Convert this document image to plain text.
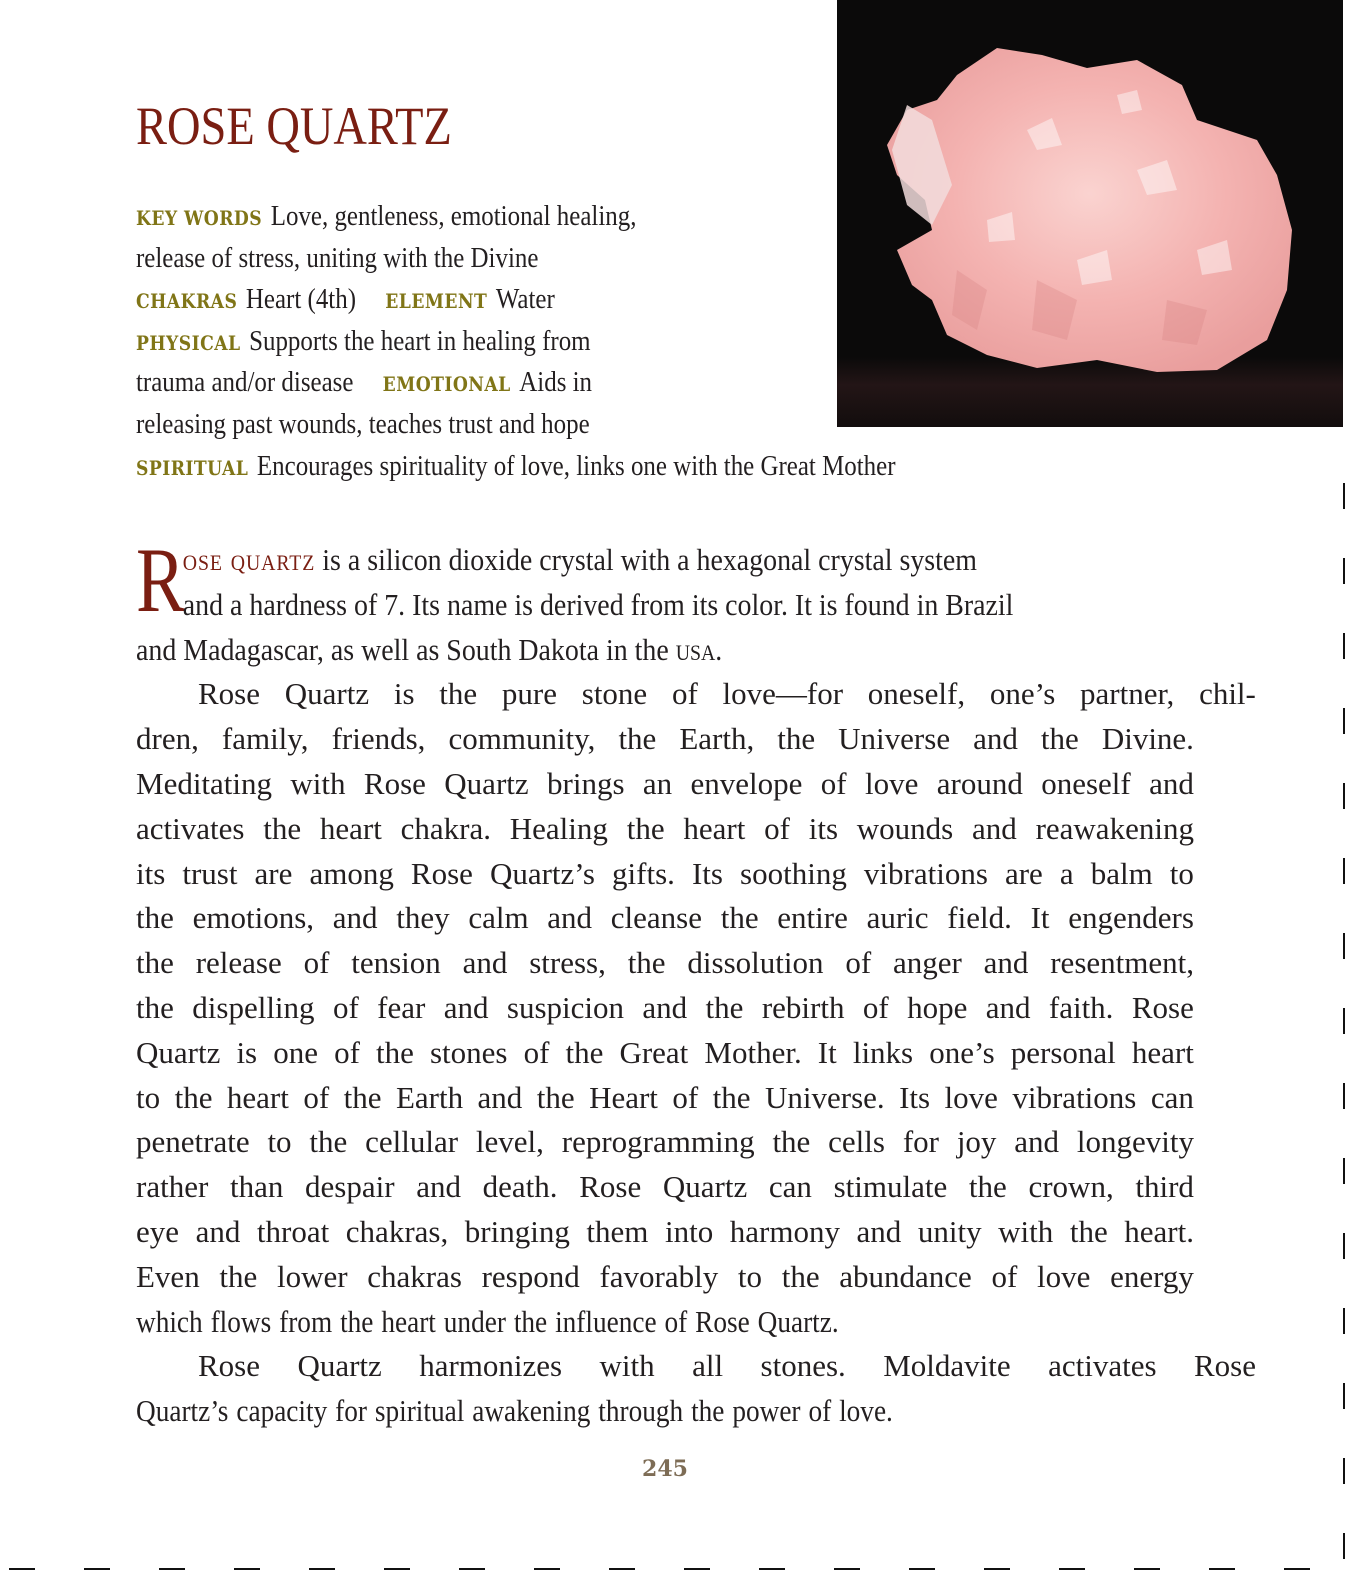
ROSE QUARTZ
KEY WORDS Love, gentleness, emotional healing,
release of stress, uniting with the Divine
CHAKRAS Heart (4th) ELEMENT Water
PHYSICAL Supports the heart in healing from
trauma and/or disease EMOTIONAL Aids in
releasing past wounds, teaches trust and hope
SPIRITUAL Encourages spirituality of love, links one with the Great Mother
R
ose quartz is a silicon dioxide crystal with a hexagonal crystal system
and a hardness of 7. Its name is derived from its color. It is found in Brazil
and Madagascar, as well as South Dakota in the usa.
Rose Quartz is the pure stone of love—for oneself, one’s partner, chil-
dren, family, friends, community, the Earth, the Universe and the Divine.
Meditating with Rose Quartz brings an envelope of love around oneself and
activates the heart chakra. Healing the heart of its wounds and reawakening
its trust are among Rose Quartz’s gifts. Its soothing vibrations are a balm to
the emotions, and they calm and cleanse the entire auric field. It engenders
the release of tension and stress, the dissolution of anger and resentment,
the dispelling of fear and suspicion and the rebirth of hope and faith. Rose
Quartz is one of the stones of the Great Mother. It links one’s personal heart
to the heart of the Earth and the Heart of the Universe. Its love vibrations can
penetrate to the cellular level, reprogramming the cells for joy and longevity
rather than despair and death. Rose Quartz can stimulate the crown, third
eye and throat chakras, bringing them into harmony and unity with the heart.
Even the lower chakras respond favorably to the abundance of love energy
which flows from the heart under the influence of Rose Quartz.
Rose Quartz harmonizes with all stones. Moldavite activates Rose
Quartz’s capacity for spiritual awakening through the power of love.
245
